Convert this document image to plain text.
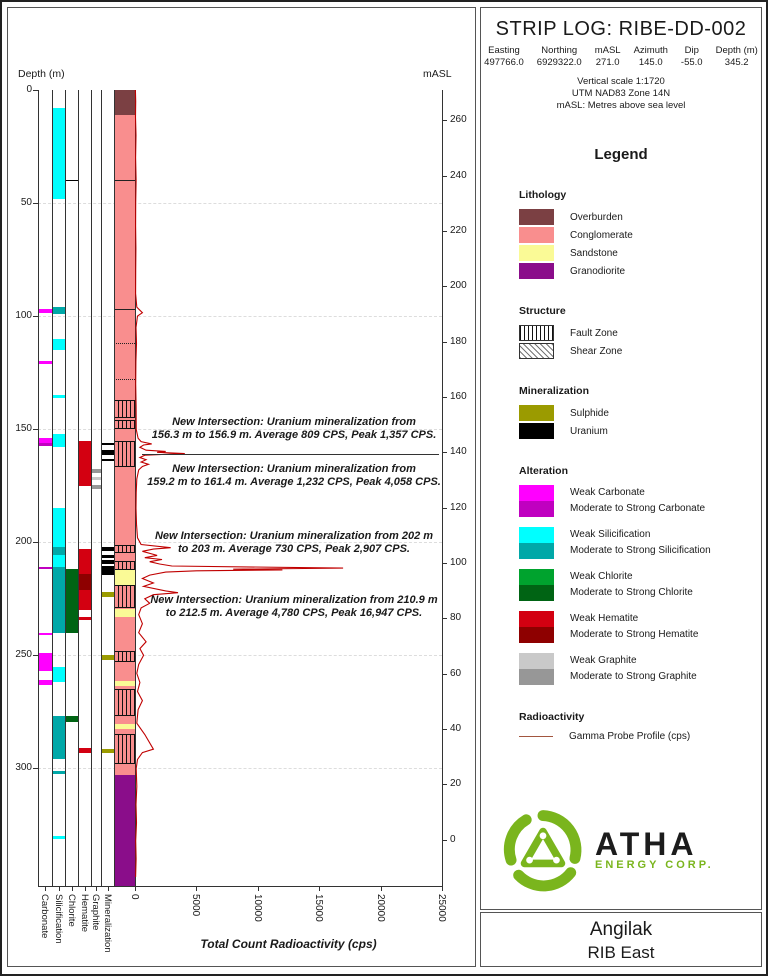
New Intersection: Uranium mineralization from
156.3 m to 156.9 m. Average 809 CPS, Peak 1,357 CPS.
New Intersection: Uranium mineralization from
159.2 m to 161.4 m. Average 1,232 CPS, Peak 4,058 CPS.
New Intersection: Uranium mineralization from 202 m
to 203 m. Average 730 CPS, Peak 2,907 CPS.
New Intersection: Uranium mineralization from 210.9 m
to 212.5 m. Average 4,780 CPS, Peak 16,947 CPS.
Depth (m)
0
50
100
150
200
250
300
mASL
260
240
220
200
180
160
140
120
100
80
60
40
20
0
0	5000	10000	15000	20000	25000
Carbonate Silicification Chlorite Hematite Graphite Mineralization	Total Count Radioactivity (cps)
STRIP LOG: RIBE-DD-002
Easting
497766.0
Northing
6929322.0
mASL
271.0
Azimuth
145.0
Dip
-55.0
Depth (m)
345.2
Vertical scale 1:1720
UTM NAD83 Zone 14N
mASL: Metres above sea level
Legend
Lithology
Overburden
Conglomerate
Sandstone
Granodiorite
Structure
Fault Zone
Shear Zone
Mineralization
Sulphide
Uranium
Alteration
Weak Carbonate
Moderate to Strong Carbonate
Weak Silicification
Moderate to Strong Silicification
Weak Chlorite
Moderate to Strong Chlorite
Weak Hematite
Moderate to Strong Hematite
Weak Graphite
Moderate to Strong Graphite
Radioactivity
Gamma Probe Profile (cps)
ATHA
ENERGY CORP.
Angilak
RIB East
